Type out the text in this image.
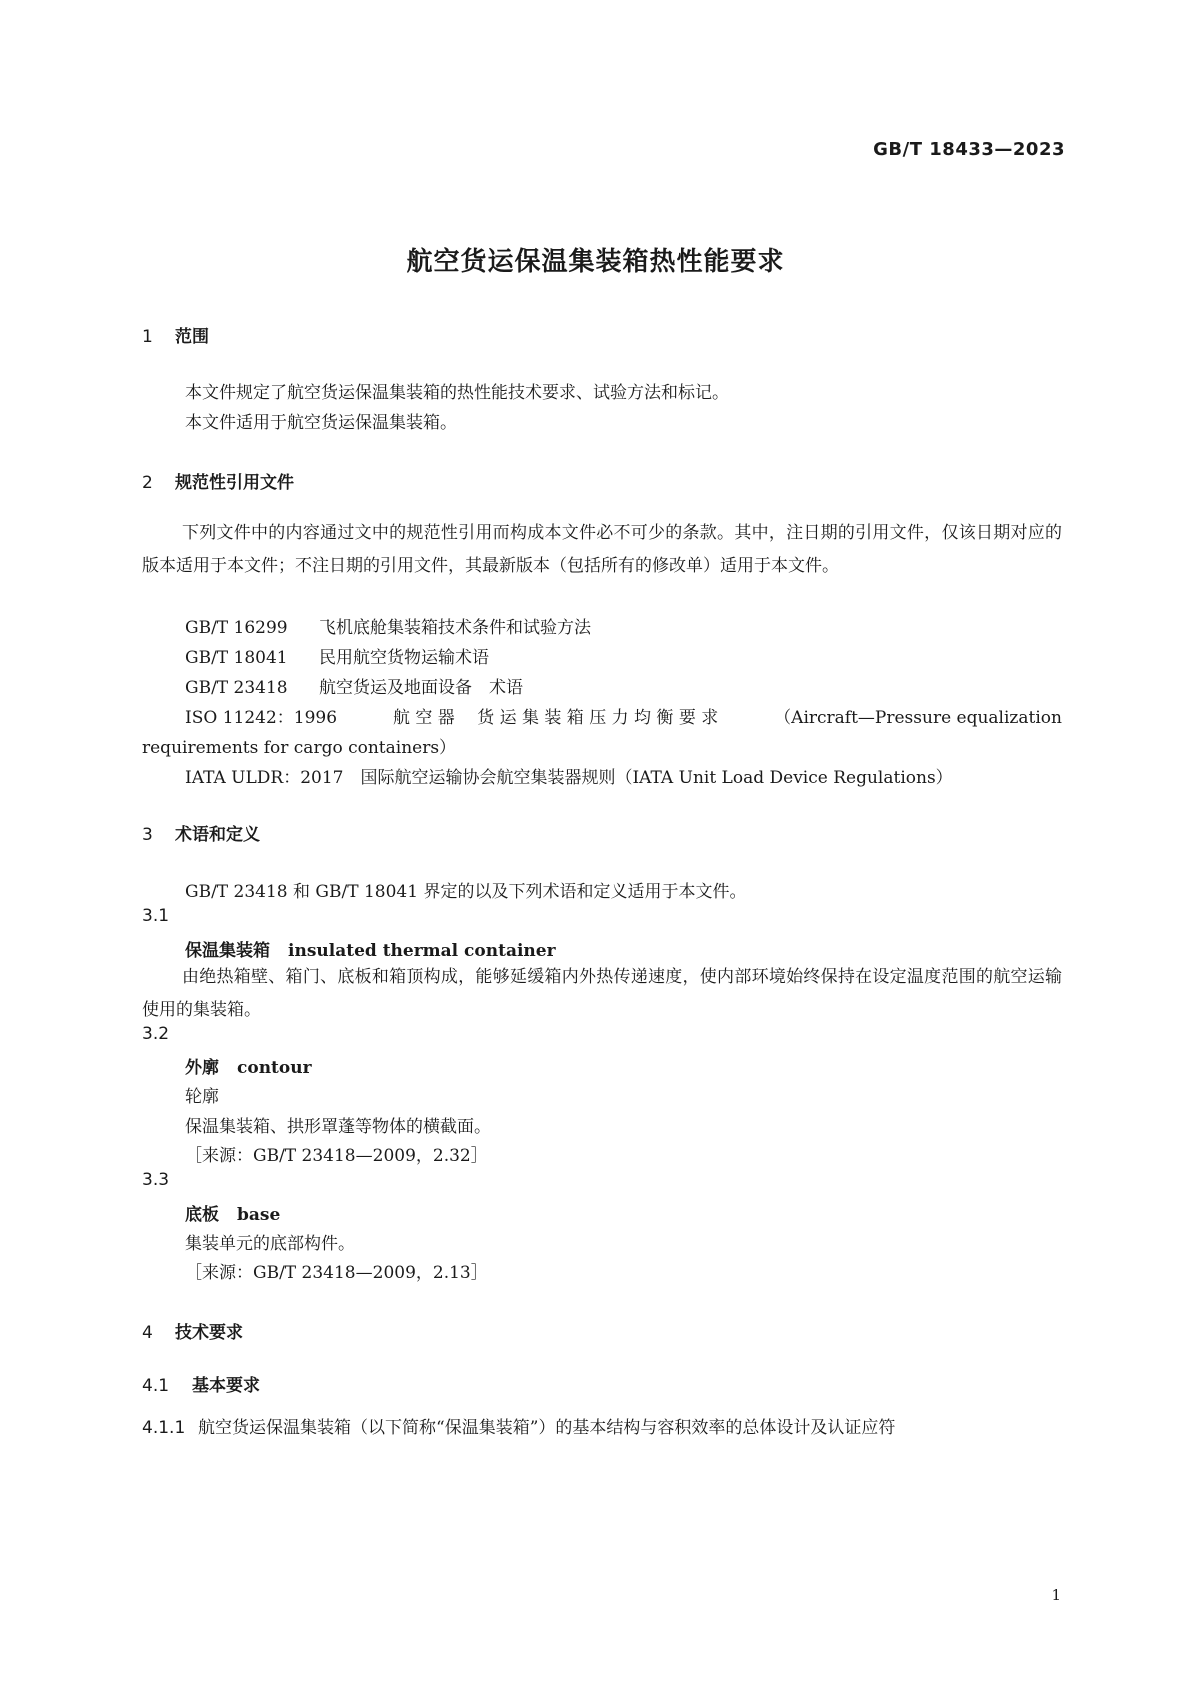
GB/T 18433—2023
航空货运保温集装箱热性能要求
1 范围
本文件规定了航空货运保温集装箱的热性能技术要求、试验方法和标记。
本文件适用于航空货运保温集装箱。
2 规范性引用文件
下列文件中的内容通过文中的规范性引用而构成本文件必不可少的条款。其中，注日期的引用文件，仅该日期对应的版本适用于本文件；不注日期的引用文件，其最新版本（包括所有的修改单）适用于本文件。
GB/T 16299 飞机底舱集装箱技术条件和试验方法
GB/T 18041 民用航空货物运输术语
GB/T 23418 航空货运及地面设备　术语
ISO 11242：1996	航 空 器　 货 运 集 装 箱 压 力 均 衡 要 求	（Aircraft—Pressure equalization
requirements for cargo containers）
IATA ULDR：2017　国际航空运输协会航空集装器规则（IATA Unit Load Device Regulations）
3 术语和定义
GB/T 23418 和 GB/T 18041 界定的以及下列术语和定义适用于本文件。
3.1
保温集装箱 insulated thermal container
由绝热箱壁、箱门、底板和箱顶构成，能够延缓箱内外热传递速度，使内部环境始终保持在设定温度范围的航空运输使用的集装箱。
3.2
外廓 contour
轮廓
保温集装箱、拱形罩蓬等物体的横截面。
［来源：GB/T 23418—2009，2.32］
3.3
底板 base
集装单元的底部构件。
［来源：GB/T 23418—2009，2.13］
4 技术要求
4.1 基本要求
4.1.1 航空货运保温集装箱（以下简称“保温集装箱”）的基本结构与容积效率的总体设计及认证应符
1
